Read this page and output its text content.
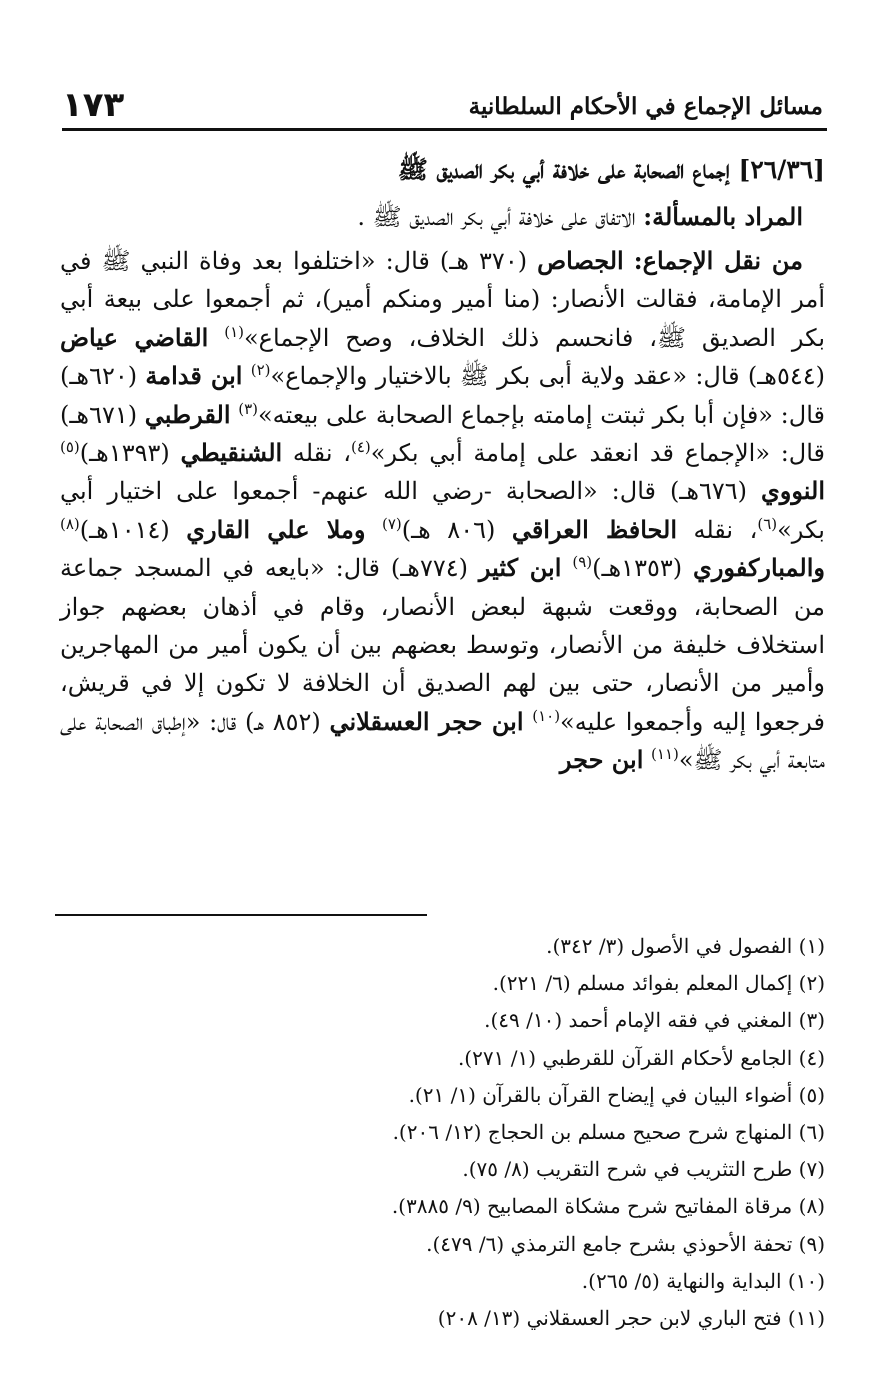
مسائل الإجماع في الأحكام السلطانية
١٧٣

[٢٦/٣٦] إجماع الصحابة على خلافة أبي بكر الصديق ﷺ

المراد بالمسألة: الاتفاق على خلافة أبي بكر الصديق ﷺ .

من نقل الإجماع: الجصاص (٣٧٠ هـ) قال: «اختلفوا بعد وفاة النبي ﷺ في أمر الإمامة، فقالت الأنصار: (منا أمير ومنكم أمير)، ثم أجمعوا على بيعة أبي بكر الصديق ﷺ، فانحسم ذلك الخلاف، وصح الإجماع»$^{(١)}$ القاضي عياض (٥٤٤هـ) قال: «عقد ولاية أبى بكر ﷺ بالاختيار والإجماع»$^{(٢)}$ ابن قدامة (٦٢٠هـ) قال: «فإن أبا بكر ثبتت إمامته بإجماع الصحابة على بيعته»$^{(٣)}$ القرطبي (٦٧١هـ) قال: «الإجماع قد انعقد على إمامة أبي بكر»$^{(٤)}$، نقله الشنقيطي (١٣٩٣هـ)$^{(٥)}$ النووي (٦٧٦هـ) قال: «الصحابة -رضي الله عنهم- أجمعوا على اختيار أبي بكر»$^{(٦)}$، نقله الحافظ العراقي (٨٠٦ هـ)$^{(٧)}$ وملا علي القاري (١٠١٤هـ)$^{(٨)}$ والمباركفوري (١٣٥٣هـ)$^{(٩)}$ ابن كثير (٧٧٤هـ) قال: «بايعه في المسجد جماعة من الصحابة، ووقعت شبهة لبعض الأنصار، وقام في أذهان بعضهم جواز استخلاف خليفة من الأنصار، وتوسط بعضهم بين أن يكون أمير من المهاجرين وأمير من الأنصار، حتى بين لهم الصديق أن الخلافة لا تكون إلا في قريش، فرجعوا إليه وأجمعوا عليه»$^{(١٠)}$ ابن حجر العسقلاني (٨٥٢ هـ) قال: «إطباق الصحابة على متابعة أبي بكر ﷺ»$^{(١١)}$ ابن حجر

(١) الفصول في الأصول (٣/ ٣٤٢).
(٢) إكمال المعلم بفوائد مسلم (٦/ ٢٢١).
(٣) المغني في فقه الإمام أحمد (١٠/ ٤٩).
(٤) الجامع لأحكام القرآن للقرطبي (١/ ٢٧١).
(٥) أضواء البيان في إيضاح القرآن بالقرآن (١/ ٢١).
(٦) المنهاج شرح صحيح مسلم بن الحجاج (١٢/ ٢٠٦).
(٧) طرح التثريب في شرح التقريب (٨/ ٧٥).
(٨) مرقاة المفاتيح شرح مشكاة المصابيح (٩/ ٣٨٨٥).
(٩) تحفة الأحوذي بشرح جامع الترمذي (٦/ ٤٧٩).
(١٠) البداية والنهاية (٥/ ٢٦٥).
(١١) فتح الباري لابن حجر العسقلاني (١٣/ ٢٠٨)
